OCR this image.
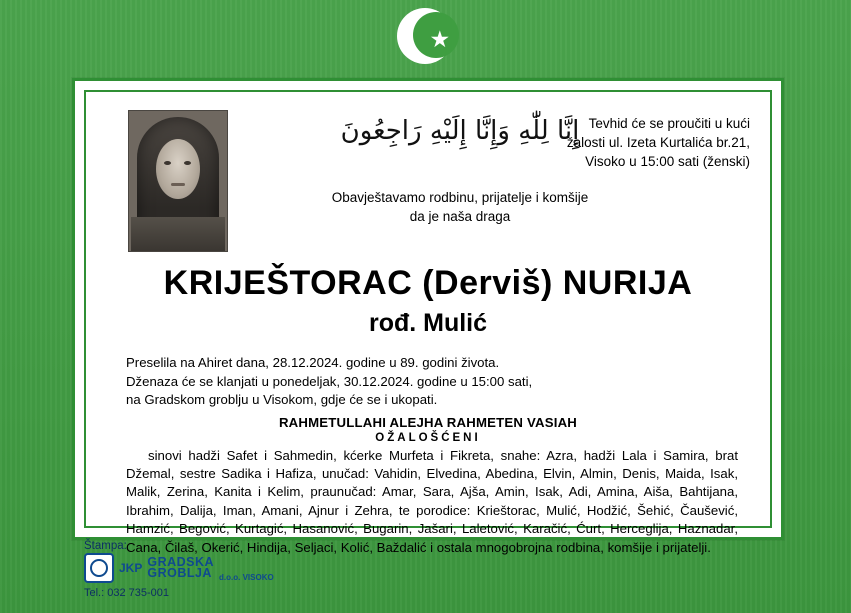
★
إِنَّا لِلّٰهِ وَإِنَّا إِلَيْهِ رَاجِعُونَ Tevhid će se proučiti u kući
žalosti ul. Izeta Kurtalića br.21,
Visoko u 15:00 sati (ženski)
Obavještavamo rodbinu, prijatelje i komšije
da je naša draga
KRIJEŠTORAC (Derviš) NURIJA
rođ. Mulić
Preselila na Ahiret dana, 28.12.2024. godine u 89. godini života.
Dženaza će se klanjati u ponedeljak, 30.12.2024. godine u 15:00 sati,
na Gradskom groblju u Visokom, gdje će se i ukopati.
RAHMETULLAHI ALEJHA RAHMETEN VASIAH
OŽALOŠĆENI
sinovi hadži Safet i Sahmedin, kćerke Murfeta i Fikreta, snahe: Azra, hadži Lala i Samira, brat Džemal, sestre Sadika i Hafiza, unučad: Vahidin, Elvedina, Abedina, Elvin, Almin, Denis, Maida, Isak, Malik, Zerina, Kanita i Kelim, praunučad: Amar, Sara, Ajša, Amin, Isak, Adi, Amina, Aiša, Bahtijana, Ibrahim, Dalija, Iman, Amani, Ajnur i Zehra, te porodice: Krieštorac, Mulić, Hodžić, Šehić, Čaušević, Hamzić, Begović, Kurtagić, Hasanović, Bugarin, Jašari, Laletović, Karačić, Ćurt, Herceglija, Haznadar, Cana, Čilaš, Okerić, Hindija, Seljaci, Kolić, Baždalić i ostala mnogobrojna rodbina, komšije i prijatelji.
Štampa:
JKP GRADSKA
GROBLJA d.o.o. VISOKO
Tel.: 032 735-001
